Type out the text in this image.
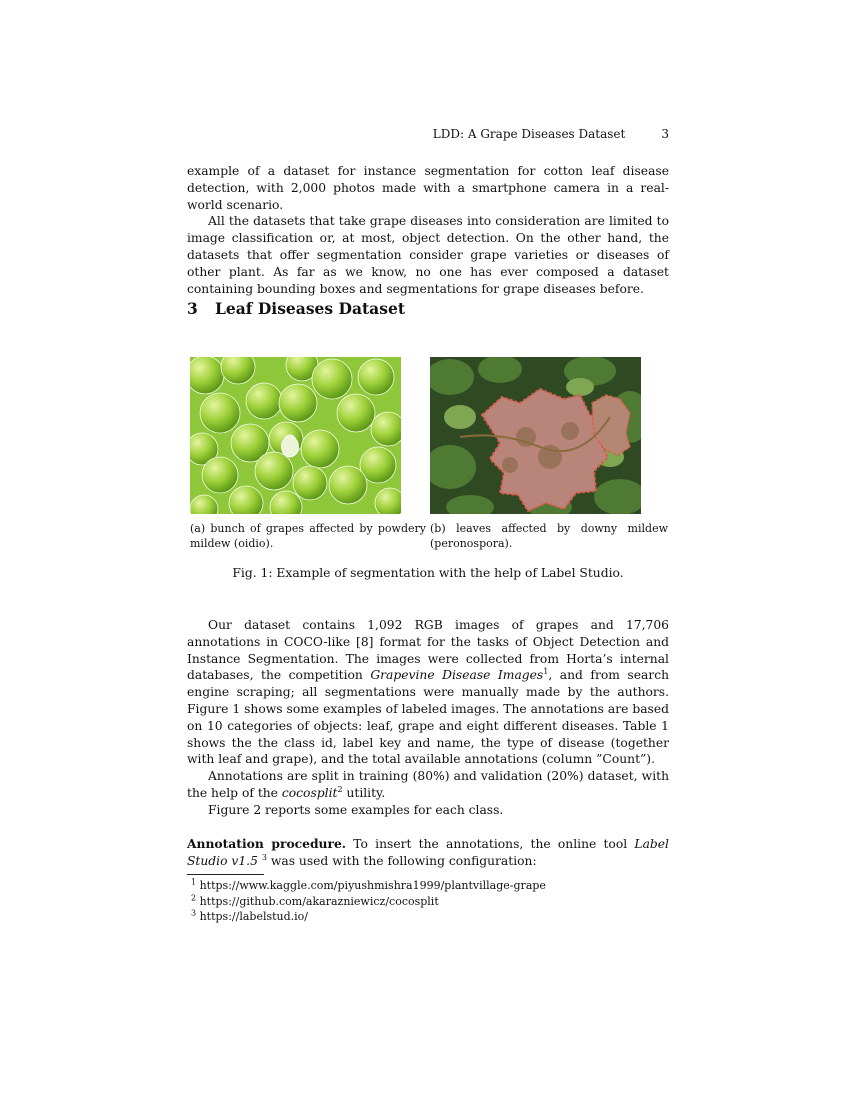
LDD: A Grape Diseases Dataset	3

example of a dataset for instance segmentation for cotton leaf disease detection, with 2,000 photos made with a smartphone camera in a real-world scenario.

All the datasets that take grape diseases into consideration are limited to image classification or, at most, object detection. On the other hand, the datasets that offer segmentation consider grape varieties or diseases of other plant. As far as we know, no one has ever composed a dataset containing bounding boxes and segmentations for grape diseases before.

3 Leaf Diseases Dataset
(a) bunch of grapes affected by powdery mildew (oidio).
(b) leaves affected by downy mildew (peronospora).
Fig. 1: Example of segmentation with the help of Label Studio.

Our dataset contains 1,092 RGB images of grapes and 17,706 annotations in COCO-like [8] format for the tasks of Object Detection and Instance Segmentation. The images were collected from Horta’s internal databases, the competition Grapevine Disease Images$^1$, and from search engine scraping; all segmentations were manually made by the authors. Figure 1 shows some examples of labeled images. The annotations are based on 10 categories of objects: leaf, grape and eight different diseases. Table 1 shows the the class id, label key and name, the type of disease (together with leaf and grape), and the total available annotations (column ”Count”).

Annotations are split in training (80%) and validation (20%) dataset, with the help of the cocosplit$^2$ utility.

Figure 2 reports some examples for each class.

Annotation procedure. To insert the annotations, the online tool Label Studio v1.5 $^3$ was used with the following configuration:

$^1$ https://www.kaggle.com/piyushmishra1999/plantvillage-grape
$^2$ https://github.com/akarazniewicz/cocosplit
$^3$ https://labelstud.io/
